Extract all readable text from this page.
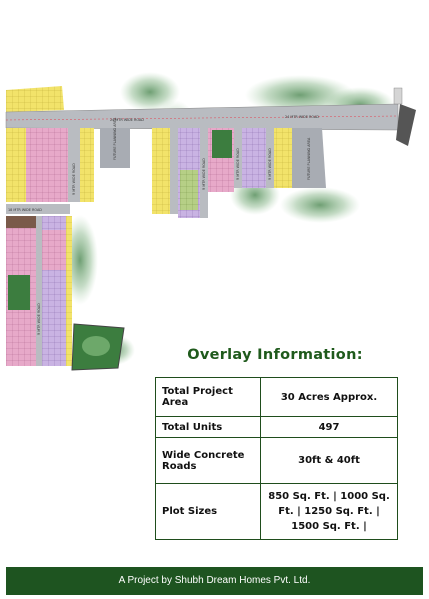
24 MTR WIDE ROAD
24 MTR WIDE ROAD
9 MTR WIDE ROAD
FUTURE PLANNING AREA
9 MTR WIDE ROAD	9 MTR WIDE ROAD	9 MTR WIDE ROAD	FUTURE PLANNING AREA
18 MTR WIDE ROAD
9 MTR WIDE ROAD
Overlay Information:
Total Project Area	30 Acres Approx.
Total Units	497
Wide Concrete Roads	30ft & 40ft
Plot Sizes	850 Sq. Ft. | 1000 Sq. Ft. | 1250 Sq. Ft. | 1500 Sq. Ft. |
A Project by Shubh Dream Homes Pvt. Ltd.
